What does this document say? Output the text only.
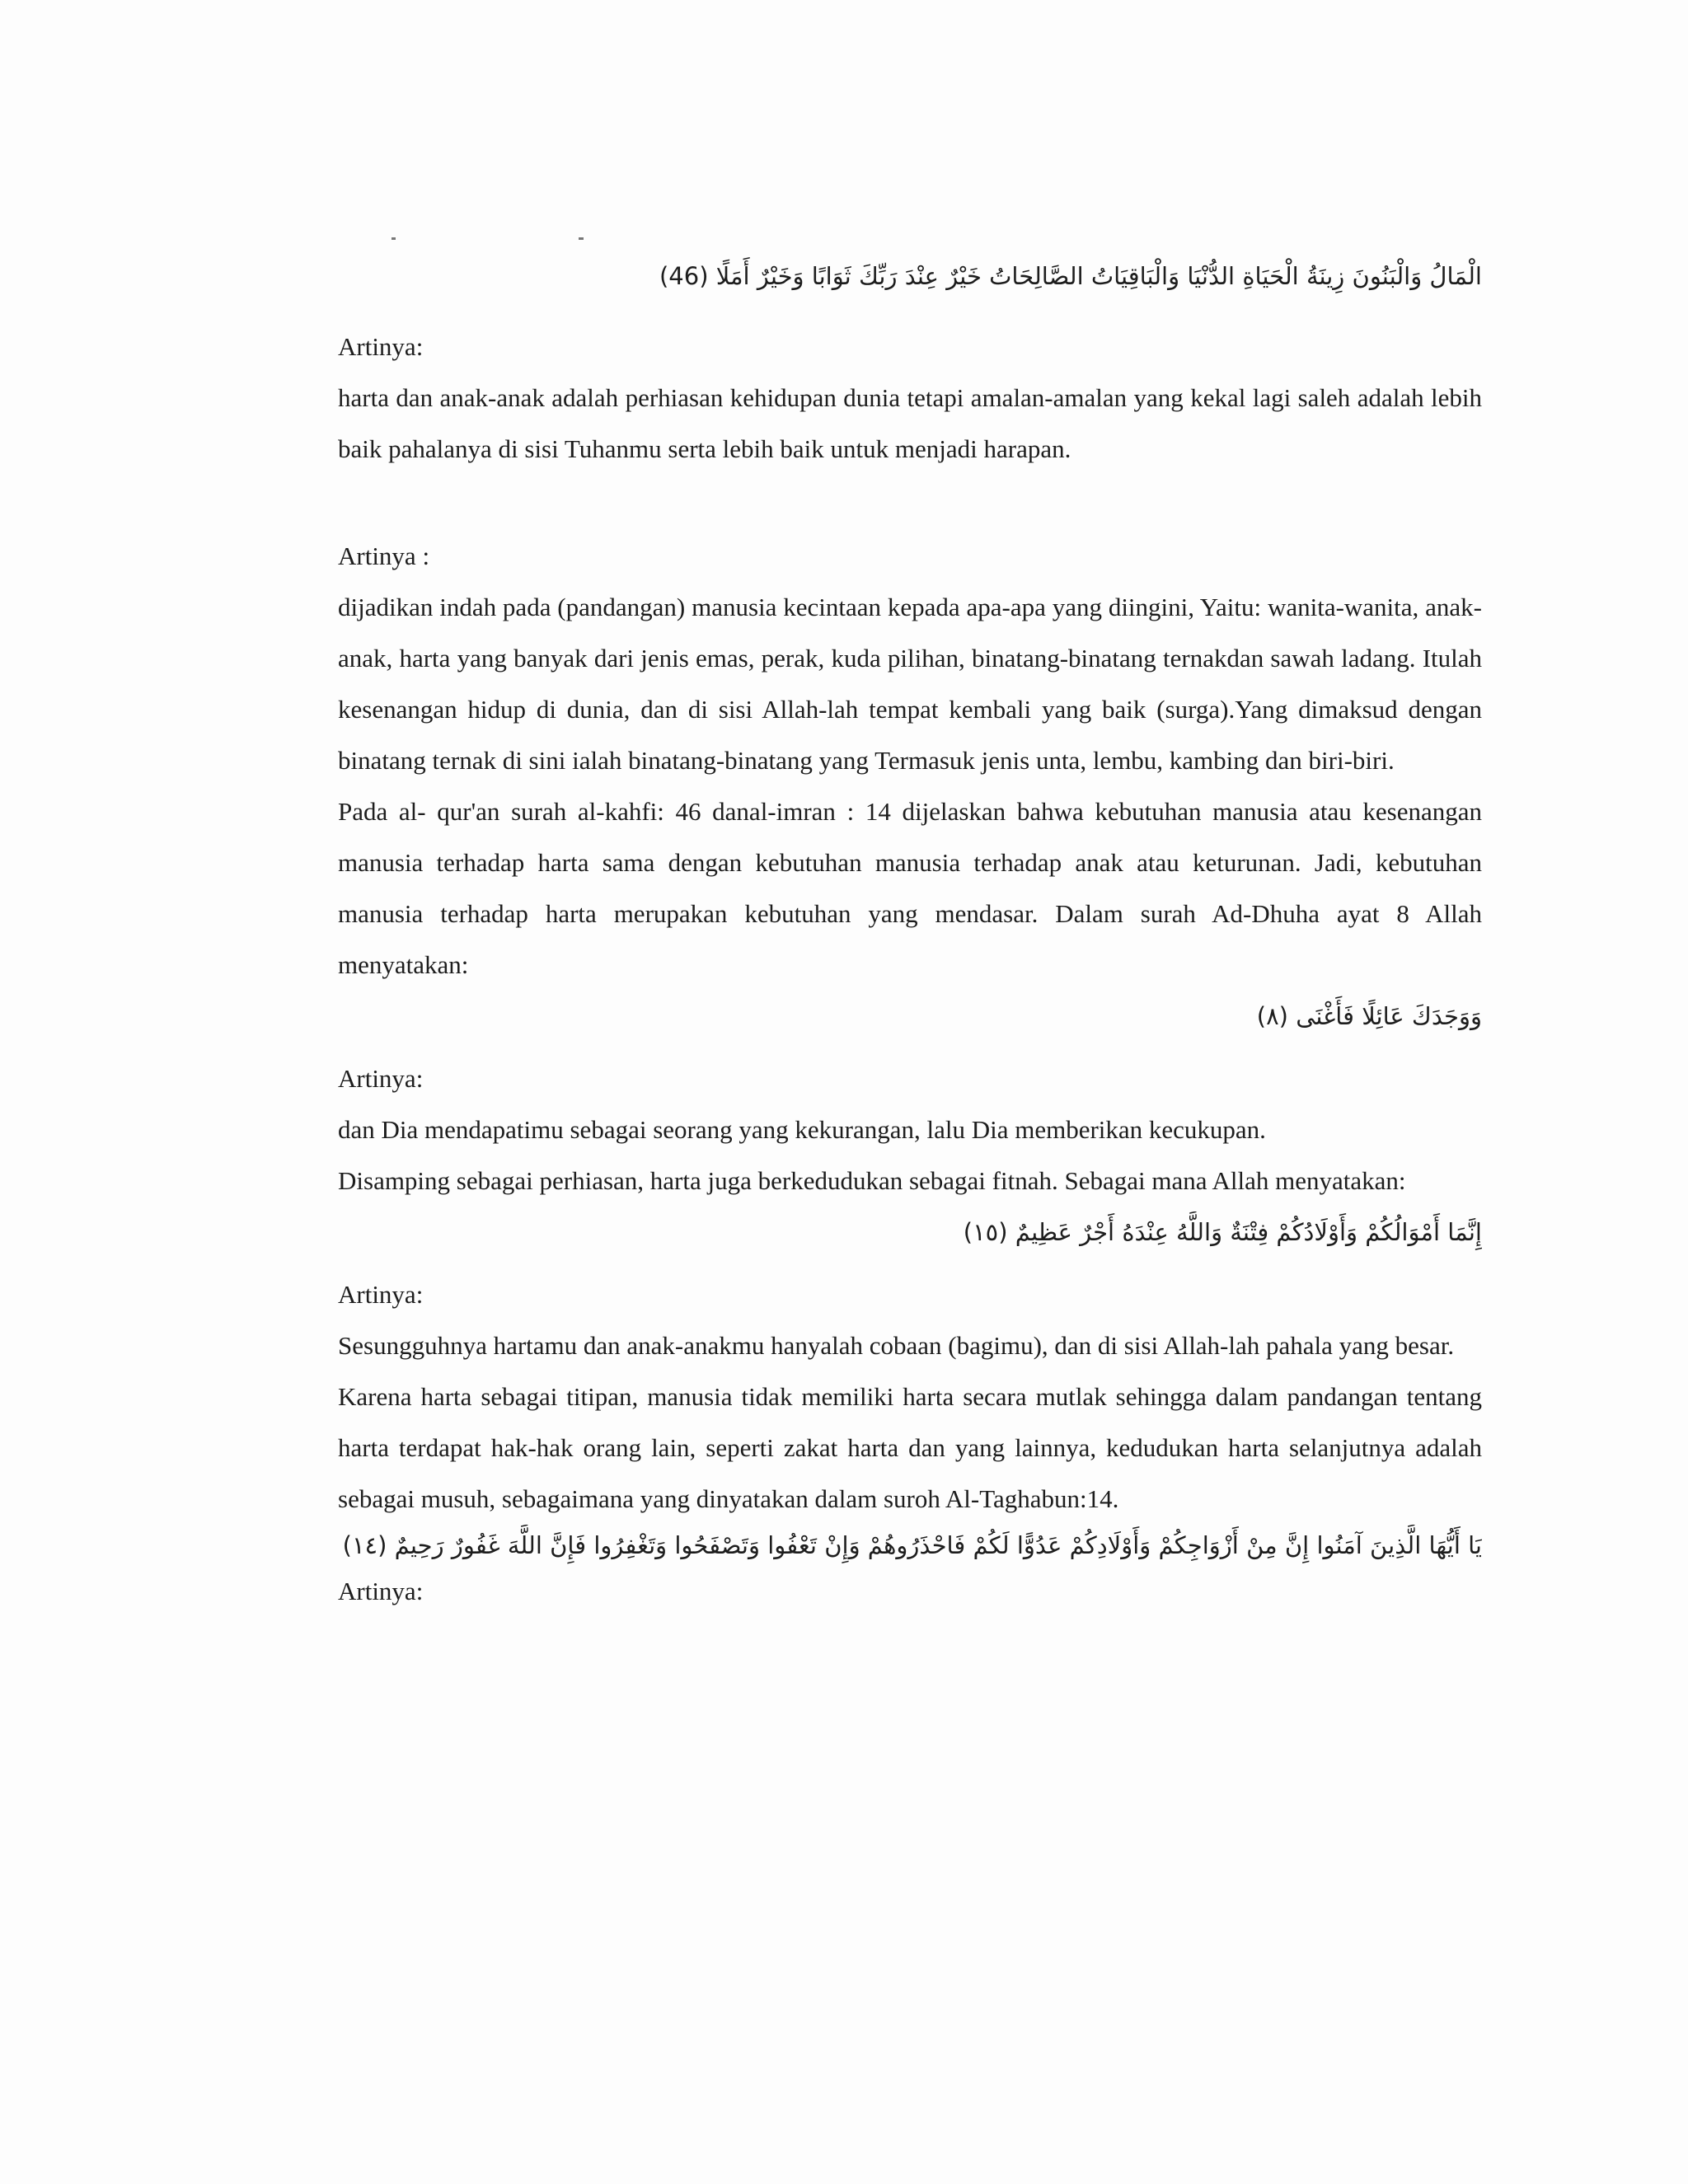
الْمَالُ وَالْبَنُونَ زِينَةُ الْحَيَاةِ الدُّنْيَا وَالْبَاقِيَاتُ الصَّالِحَاتُ خَيْرٌ عِنْدَ رَبِّكَ ثَوَابًا وَخَيْرٌ أَمَلًا (46)
Artinya:
harta dan anak-anak adalah perhiasan kehidupan dunia tetapi amalan-amalan yang kekal lagi saleh adalah lebih baik pahalanya di sisi Tuhanmu serta lebih baik untuk menjadi harapan.
Artinya :
dijadikan indah pada (pandangan) manusia kecintaan kepada apa-apa yang diingini, Yaitu: wanita-wanita, anak-anak, harta yang banyak dari jenis emas, perak, kuda pilihan, binatang-binatang ternakdan sawah ladang. Itulah kesenangan hidup di dunia, dan di sisi Allah-lah tempat kembali yang baik (surga).Yang dimaksud dengan binatang ternak di sini ialah binatang-binatang yang Termasuk jenis unta, lembu, kambing dan biri-biri.
Pada al- qur'an surah al-kahfi: 46 danal-imran : 14 dijelaskan bahwa kebutuhan manusia atau kesenangan manusia terhadap harta sama dengan kebutuhan manusia terhadap anak atau keturunan. Jadi, kebutuhan manusia terhadap harta merupakan kebutuhan yang mendasar. Dalam surah Ad-Dhuha ayat 8 Allah menyatakan:
وَوَجَدَكَ عَائِلًا فَأَغْنَى (٨)
Artinya:
dan Dia mendapatimu sebagai seorang yang kekurangan, lalu Dia memberikan kecukupan.
Disamping sebagai perhiasan, harta juga berkedudukan sebagai fitnah. Sebagai mana Allah menyatakan:
إِنَّمَا أَمْوَالُكُمْ وَأَوْلَادُكُمْ فِتْنَةٌ وَاللَّهُ عِنْدَهُ أَجْرٌ عَظِيمٌ (١٥)
Artinya:
Sesungguhnya hartamu dan anak-anakmu hanyalah cobaan (bagimu), dan di sisi Allah-lah pahala yang besar.
Karena harta sebagai titipan, manusia tidak memiliki harta secara mutlak sehingga dalam pandangan tentang harta terdapat hak-hak orang lain, seperti zakat harta dan yang lainnya, kedudukan harta selanjutnya adalah sebagai musuh, sebagaimana yang dinyatakan dalam suroh Al-Taghabun:14.
يَا أَيُّهَا الَّذِينَ آمَنُوا إِنَّ مِنْ أَزْوَاجِكُمْ وَأَوْلَادِكُمْ عَدُوًّا لَكُمْ فَاحْذَرُوهُمْ وَإِنْ تَعْفُوا وَتَصْفَحُوا وَتَغْفِرُوا فَإِنَّ اللَّهَ غَفُورٌ رَحِيمٌ (١٤)
Artinya:
